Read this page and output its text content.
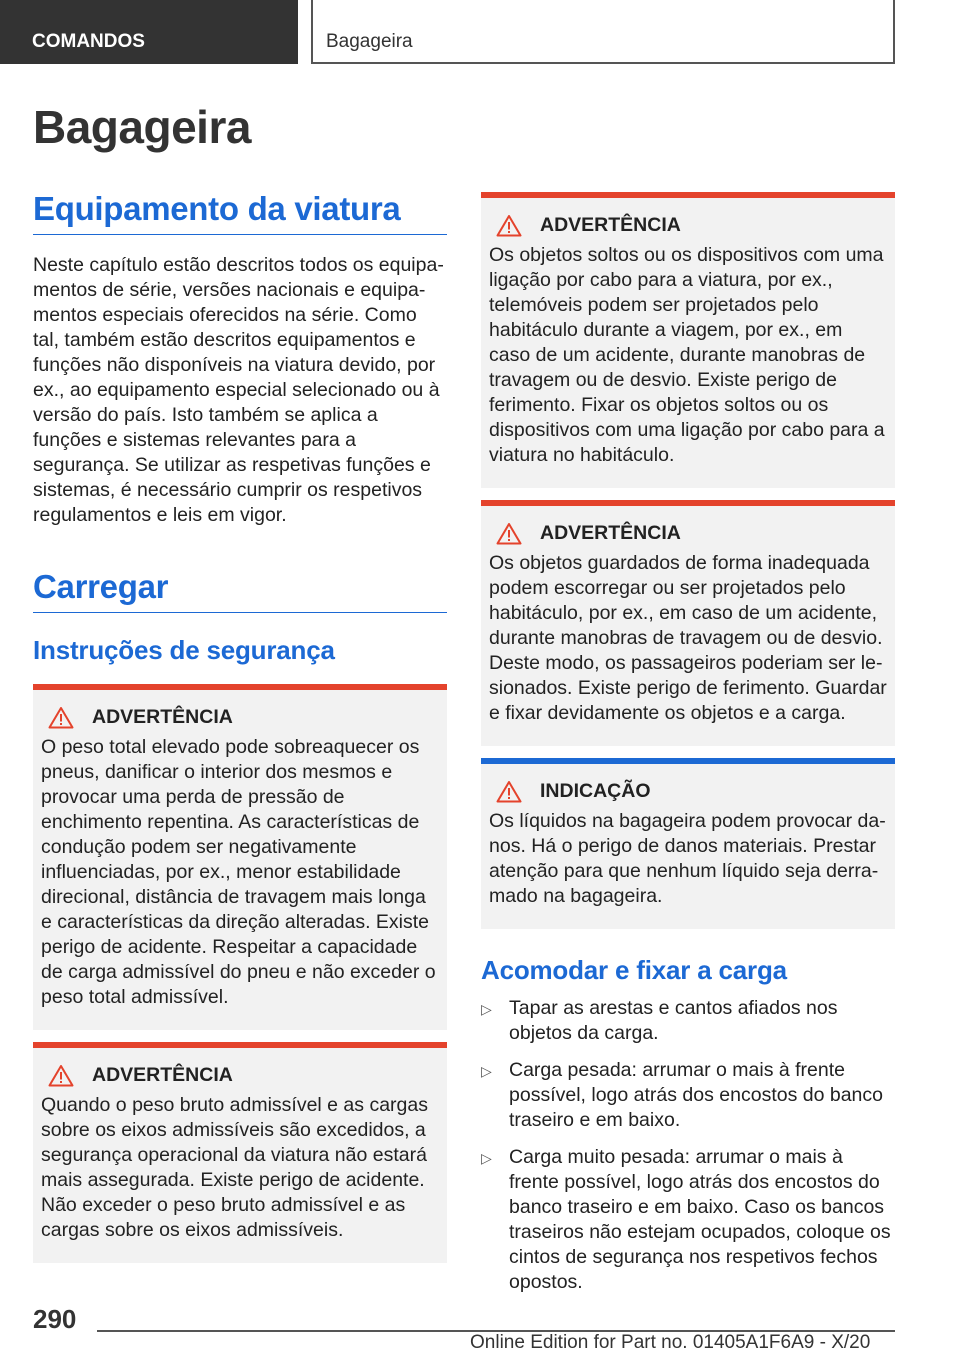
COMANDOS	Bagageira
Bagageira
Equipamento da viatura

Neste capítulo estão descritos todos os equipamentos de série, versões nacionais e equipamentos especiais oferecidos na série. Como tal, também estão descritos equipamentos e funções não disponíveis na viatura devido, por ex., ao equipamento especial selecionado ou à versão do país. Isto também se aplica a funções e sistemas relevantes para a segurança. Se utilizar as respetivas funções e sistemas, é necessário cumprir os respetivos regulamentos e leis em vigor.

Carregar
Instruções de segurança
ADVERTÊNCIA

O peso total elevado pode sobreaquecer os pneus, danificar o interior dos mesmos e provocar uma perda de pressão de enchimento repentina. As características de condução podem ser negativamente influenciadas, por ex., menor estabilidade direcional, distância de travagem mais longa e características da direção alteradas. Existe perigo de acidente. Respeitar a capacidade de carga admissível do pneu e não exceder o peso total admissível.

ADVERTÊNCIA

Quando o peso bruto admissível e as cargas sobre os eixos admissíveis são excedidos, a segurança operacional da viatura não estará mais assegurada. Existe perigo de acidente. Não exceder o peso bruto admissível e as cargas sobre os eixos admissíveis.

ADVERTÊNCIA

Os objetos soltos ou os dispositivos com uma ligação por cabo para a viatura, por ex., telemóveis podem ser projetados pelo habitáculo durante a viagem, por ex., em caso de um acidente, durante manobras de travagem ou de desvio. Existe perigo de ferimento. Fixar os objetos soltos ou os dispositivos com uma ligação por cabo para a viatura no habitáculo.

ADVERTÊNCIA

Os objetos guardados de forma inadequada podem escorregar ou ser projetados pelo habitáculo, por ex., em caso de um acidente, durante manobras de travagem ou de desvio. Deste modo, os passageiros poderiam ser lesionados. Existe perigo de ferimento. Guardar e fixar devidamente os objetos e a carga.

INDICAÇÃO

Os líquidos na bagageira podem provocar danos. Há o perigo de danos materiais. Prestar atenção para que nenhum líquido seja derramado na bagageira.

Acomodar e fixar a carga
▷ Tapar as arestas e cantos afiados nos objetos da carga.
▷ Carga pesada: arrumar o mais à frente possível, logo atrás dos encostos do banco traseiro e em baixo.
▷ Carga muito pesada: arrumar o mais à frente possível, logo atrás dos encostos do banco traseiro e em baixo. Caso os bancos traseiros não estejam ocupados, coloque os cintos de segurança nos respetivos fechos opostos.
290
Online Edition for Part no. 01405A1F6A9 - X/20
